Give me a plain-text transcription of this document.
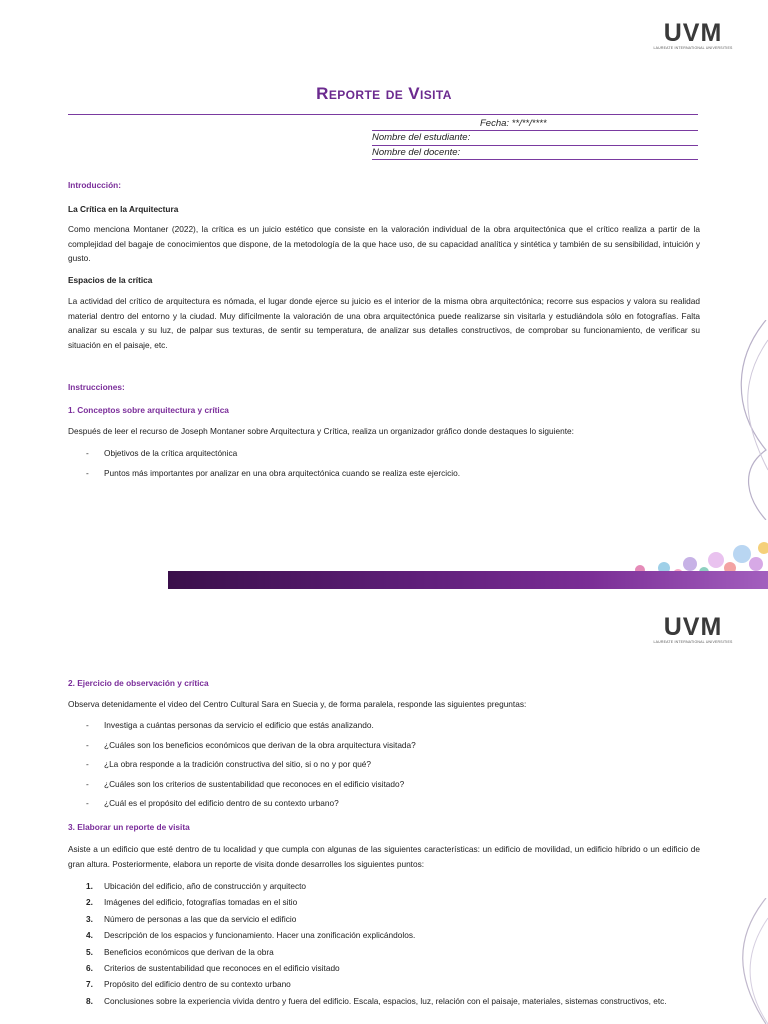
UVM
LAUREATE INTERNATIONAL UNIVERSITIES
Reporte de Visita
Fecha: **/**/****
Nombre del estudiante:
Nombre del docente:
Introducción:
La Crítica en la Arquitectura
Como menciona Montaner (2022), la crítica es un juicio estético que consiste en la valoración individual de la obra arquitectónica que el crítico realiza a partir de la complejidad del bagaje de conocimientos que dispone, de la metodología de la que hace uso, de su capacidad analítica y sintética y también de su sensibilidad, intuición y gusto.
Espacios de la crítica
La actividad del crítico de arquitectura es nómada, el lugar donde ejerce su juicio es el interior de la misma obra arquitectónica; recorre sus espacios y valora su realidad material dentro del entorno y la ciudad. Muy difícilmente la valoración de una obra arquitectónica puede realizarse sin visitarla y estudiándola sólo en fotografías. Falta analizar su escala y su luz, de palpar sus texturas, de sentir su temperatura, de analizar sus detalles constructivos, de comprobar su funcionamiento, de verificar su situación en el paisaje, etc.
Instrucciones:
1. Conceptos sobre arquitectura y crítica
Después de leer el recurso de Joseph Montaner sobre Arquitectura y Crítica, realiza un organizador gráfico donde destaques lo siguiente:
- Objetivos de la crítica arquitectónica
- Puntos más importantes por analizar en una obra arquitectónica cuando se realiza este ejercicio.
UVM
LAUREATE INTERNATIONAL UNIVERSITIES
2. Ejercicio de observación y crítica
Observa detenidamente el video del Centro Cultural Sara en Suecia y, de forma paralela, responde las siguientes preguntas:
- Investiga a cuántas personas da servicio el edificio que estás analizando.
- ¿Cuáles son los beneficios económicos que derivan de la obra arquitectura visitada?
- ¿La obra responde a la tradición constructiva del sitio, si o no y por qué?
- ¿Cuáles son los criterios de sustentabilidad que reconoces en el edificio visitado?
- ¿Cuál es el propósito del edificio dentro de su contexto urbano?
3. Elaborar un reporte de visita
Asiste a un edificio que esté dentro de tu localidad y que cumpla con algunas de las siguientes características: un edificio de movilidad, un edificio híbrido o un edificio de gran altura. Posteriormente, elabora un reporte de visita donde desarrolles los siguientes puntos:
1. Ubicación del edificio, año de construcción y arquitecto
2. Imágenes del edificio, fotografías tomadas en el sitio
3. Número de personas a las que da servicio el edificio
4. Descripción de los espacios y funcionamiento. Hacer una zonificación explicándolos.
5. Beneficios económicos que derivan de la obra
6. Criterios de sustentabilidad que reconoces en el edificio visitado
7. Propósito del edificio dentro de su contexto urbano
8. Conclusiones sobre la experiencia vivida dentro y fuera del edificio. Escala, espacios, luz, relación con el paisaje, materiales, sistemas constructivos, etc.
